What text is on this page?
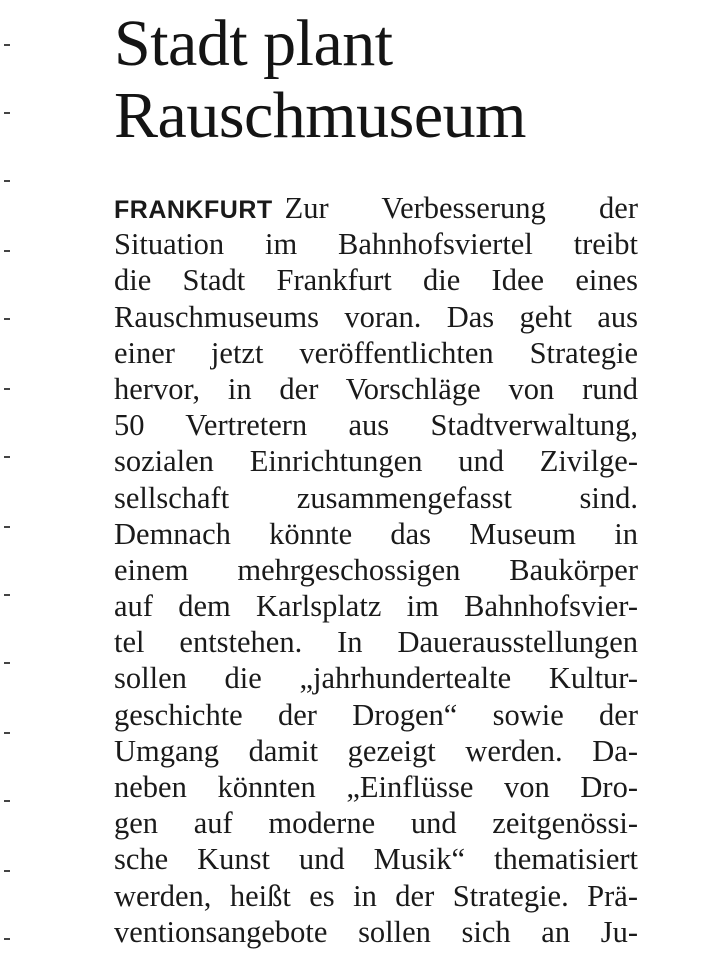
Stadt plant
Rauschmuseum
FRANKFURT Zur Verbesserung der
Situation im Bahnhofsviertel treibt
die Stadt Frankfurt die Idee eines
Rauschmuseums voran. Das geht aus
einer jetzt veröffentlichten Strategie
hervor, in der Vorschläge von rund
50 Vertretern aus Stadtverwaltung,
sozialen Einrichtungen und Zivilge-
sellschaft zusammengefasst sind.
Demnach könnte das Museum in
einem mehrgeschossigen Baukörper
auf dem Karlsplatz im Bahnhofsvier-
tel entstehen. In Dauerausstellungen
sollen die „jahrhundertealte Kultur-
geschichte der Drogen“ sowie der
Umgang damit gezeigt werden. Da-
neben könnten „Einflüsse von Dro-
gen auf moderne und zeitgenössi-
sche Kunst und Musik“ thematisiert
werden, heißt es in der Strategie. Prä-
ventionsangebote sollen sich an Ju-
